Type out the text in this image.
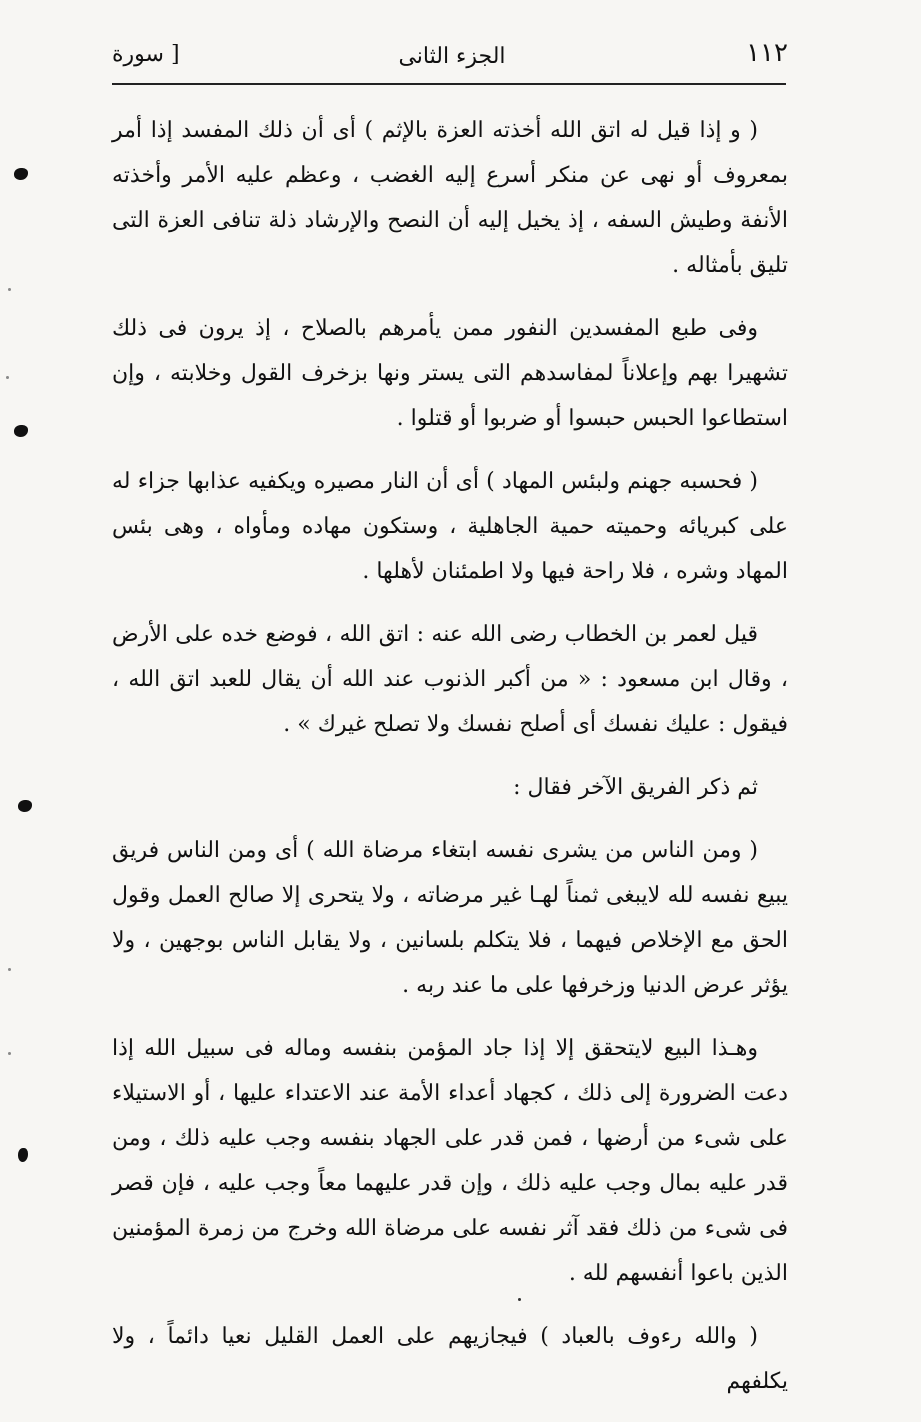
١١٢
الجزء الثانى
[ سورة

( و إذا قيل له اتق الله أخذته العزة بالإثم ) أى أن ذلك المفسد إذا أمر بمعروف أو نهى عن منكر أسرع إليه الغضب ، وعظم عليه الأمر وأخذته الأنفة وطيش السفه ، إذ يخيل إليه أن النصح والإرشاد ذلة تنافى العزة التى تليق بأمثاله .

وفى طبع المفسدين النفور ممن يأمرهم بالصلاح ، إذ يرون فى ذلك تشهيرا بهم وإعلاناً لمفاسدهم التى يستر ونها بزخرف القول وخلابته ، وإن استطاعوا الحبس حبسوا أو ضربوا أو قتلوا .

( فحسبه جهنم ولبئس المهاد ) أى أن النار مصيره ويكفيه عذابها جزاء له على كبريائه وحميته حمية الجاهلية ، وستكون مهاده ومأواه ، وهى بئس المهاد وشره ، فلا راحة فيها ولا اطمئنان لأهلها .

قيل لعمر بن الخطاب رضى الله عنه : اتق الله ، فوضع خده على الأرض ، وقال ابن مسعود : « من أكبر الذنوب عند الله أن يقال للعبد اتق الله ، فيقول : عليك نفسك أى أصلح نفسك ولا تصلح غيرك » .

ثم ذكر الفريق الآخر فقال :

( ومن الناس من يشرى نفسه ابتغاء مرضاة الله ) أى ومن الناس فريق يبيع نفسه لله لايبغى ثمناً لهـا غير مرضاته ، ولا يتحرى إلا صالح العمل وقول الحق مع الإخلاص فيهما ، فلا يتكلم بلسانين ، ولا يقابل الناس بوجهين ، ولا يؤثر عرض الدنيا وزخرفها على ما عند ربه .

وهـذا البيع لايتحقق إلا إذا جاد المؤمن بنفسه وماله فى سبيل الله إذا دعت الضرورة إلى ذلك ، كجهاد أعداء الأمة عند الاعتداء عليها ، أو الاستيلاء على شىء من أرضها ، فمن قدر على الجهاد بنفسه وجب عليه ذلك ، ومن قدر عليه بمال وجب عليه ذلك ، وإن قدر عليهما معاً وجب عليه ، فإن قصر فى شىء من ذلك فقد آثر نفسه على مرضاة الله وخرج من زمرة المؤمنين الذين باعوا أنفسهم لله .

( والله رءوف بالعباد ) فيجازيهم على العمل القليل نعيا دائماً ، ولا يكلفهم
